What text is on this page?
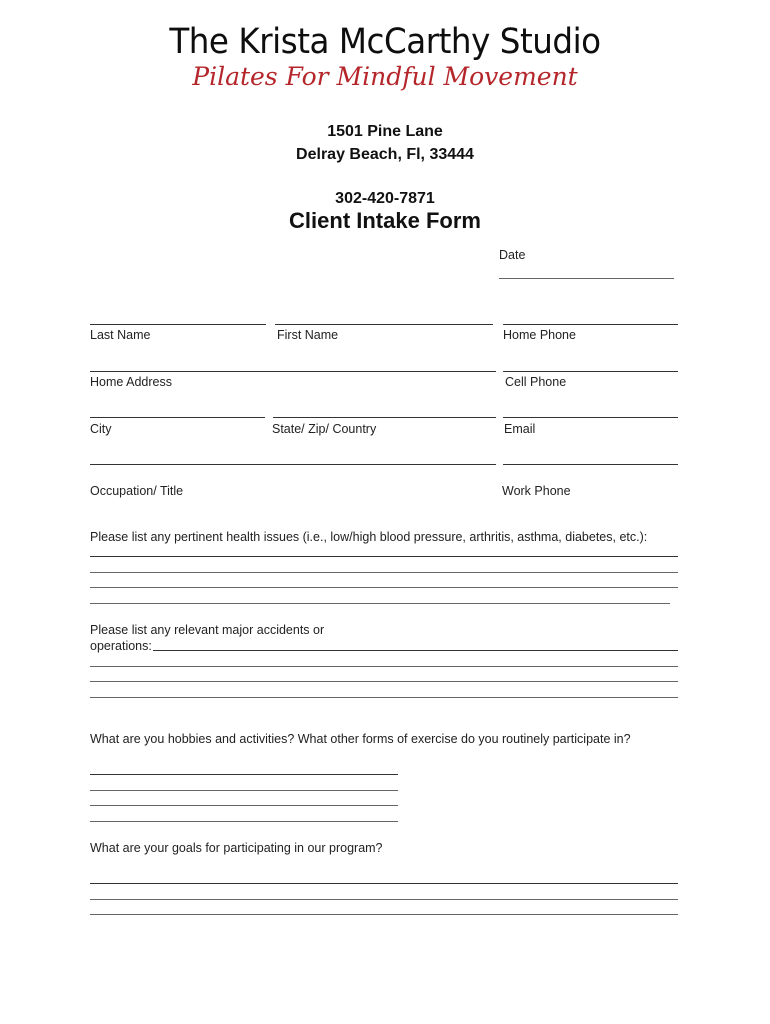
The Krista McCarthy Studio
Pilates For Mindful Movement
1501 Pine Lane
Delray Beach, Fl, 33444
302-420-7871
Client Intake Form
Date
Last Name	First Name	Home Phone
Home Address	Cell Phone
City	State/ Zip/ Country	Email
Occupation/ Title	Work Phone
Please list any pertinent health issues (i.e., low/high blood pressure, arthritis, asthma, diabetes, etc.):
Please list any relevant major accidents or
operations:
What are you hobbies and activities? What other forms of exercise do you routinely participate in?
What are your goals for participating in our program?
